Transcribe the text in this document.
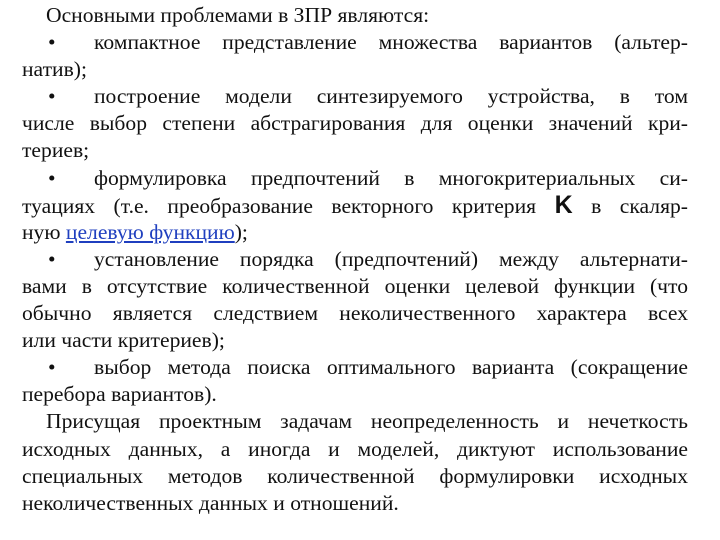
Основными проблемами в ЗПР являются:
•	компактное представление множества вариантов (альтер-
натив);
•	построение модели синтезируемого устройства, в том
числе выбор степени абстрагирования для оценки значений кри-
териев;
•	формулировка предпочтений в многокритериальных си-
туациях (т.е. преобразование векторного критерия K в скаляр-
ную целевую функцию);
•	установление порядка (предпочтений) между альтернати-
вами в отсутствие количественной оценки целевой функции (что
обычно является следствием неколичественного характера всех
или части критериев);
•	выбор метода поиска оптимального варианта (сокращение
перебора вариантов).
Присущая проектным задачам неопределенность и нечеткость
исходных данных, а иногда и моделей, диктуют использование
специальных методов количественной формулировки исходных
неколичественных данных и отношений.
